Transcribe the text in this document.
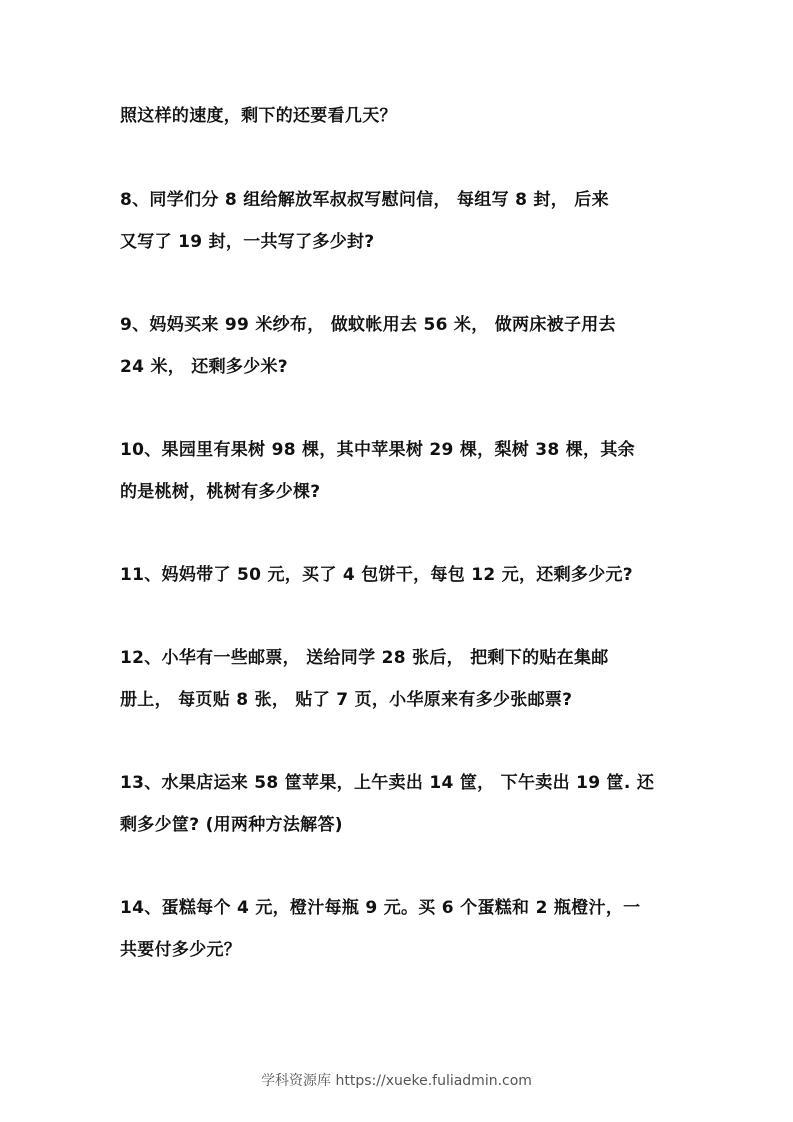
照这样的速度，剩下的还要看几天？
8、同学们分 8 组给解放军叔叔写慰问信， 每组写 8 封， 后来
又写了 19 封，一共写了多少封?
9、妈妈买来 99 米纱布， 做蚊帐用去 56 米， 做两床被子用去
24 米， 还剩多少米?
10、果园里有果树 98 棵，其中苹果树 29 棵，梨树 38 棵，其余
的是桃树，桃树有多少棵?
11、妈妈带了 50 元，买了 4 包饼干，每包 12 元，还剩多少元?
12、小华有一些邮票， 送给同学 28 张后， 把剩下的贴在集邮
册上， 每页贴 8 张， 贴了 7 页，小华原来有多少张邮票?
13、水果店运来 58 筐苹果，上午卖出 14 筐， 下午卖出 19 筐. 还
剩多少筐? (用两种方法解答)
14、蛋糕每个 4 元，橙汁每瓶 9 元。买 6 个蛋糕和 2 瓶橙汁，一
共要付多少元？
学科资源库 https://xueke.fuliadmin.com
